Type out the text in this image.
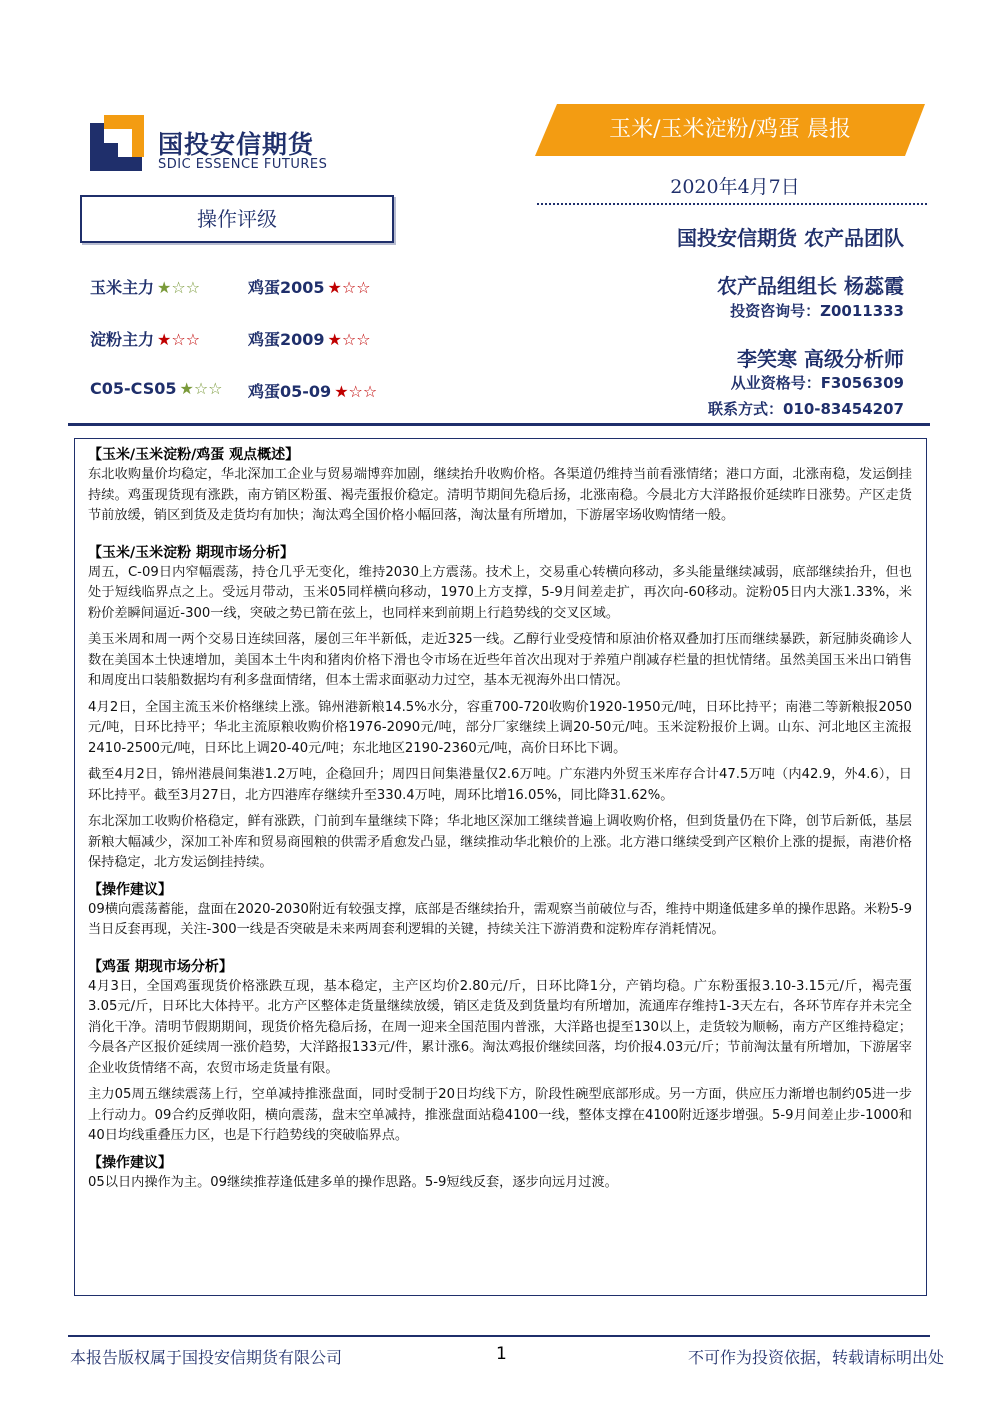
国投安信期货
SDIC ESSENCE FUTURES
玉米/玉米淀粉/鸡蛋 晨报
2020年4月7日
国投安信期货 农产品团队
农产品组组长 杨蕊霞
投资咨询号：Z0011333
李笑寒 高级分析师
从业资格号：F3056309
联系方式：010-83454207
操作评级
玉米主力 ★☆☆	鸡蛋2005 ★☆☆
淀粉主力 ★☆☆	鸡蛋2009 ★☆☆
C05-CS05 ★☆☆ 鸡蛋05-09 ★☆☆

【玉米/玉米淀粉/鸡蛋 观点概述】

东北收购量价均稳定，华北深加工企业与贸易端博弈加剧，继续抬升收购价格。各渠道仍维持当前看涨情绪；港口方面，北涨南稳，发运倒挂持续。鸡蛋现货现有涨跌，南方销区粉蛋、褐壳蛋报价稳定。清明节期间先稳后扬，北涨南稳。今晨北方大洋路报价延续昨日涨势。产区走货节前放缓，销区到货及走货均有加快；淘汰鸡全国价格小幅回落，淘汰量有所增加，下游屠宰场收购情绪一般。

【玉米/玉米淀粉 期现市场分析】

周五，C-09日内窄幅震荡，持仓几乎无变化，维持2030上方震荡。技术上，交易重心转横向移动，多头能量继续减弱，底部继续抬升，但也处于短线临界点之上。受远月带动，玉米05同样横向移动，1970上方支撑，5-9月间差走扩，再次向-60移动。淀粉05日内大涨1.33%，米粉价差瞬间逼近-300一线，突破之势已箭在弦上，也同样来到前期上行趋势线的交叉区域。

美玉米周和周一两个交易日连续回落，屡创三年半新低，走近325一线。乙醇行业受疫情和原油价格双叠加打压而继续暴跌，新冠肺炎确诊人数在美国本土快速增加，美国本土牛肉和猪肉价格下滑也令市场在近些年首次出现对于养殖户削减存栏量的担忧情绪。虽然美国玉米出口销售和周度出口装船数据均有利多盘面情绪，但本土需求面驱动力过空，基本无视海外出口情况。

4月2日，全国主流玉米价格继续上涨。锦州港新粮14.5%水分，容重700-720收购价1920-1950元/吨，日环比持平；南港二等新粮报2050元/吨，日环比持平；华北主流原粮收购价格1976-2090元/吨，部分厂家继续上调20-50元/吨。玉米淀粉报价上调。山东、河北地区主流报2410-2500元/吨，日环比上调20-40元/吨；东北地区2190-2360元/吨，高价日环比下调。

截至4月2日，锦州港晨间集港1.2万吨，企稳回升；周四日间集港量仅2.6万吨。广东港内外贸玉米库存合计47.5万吨（内42.9，外4.6），日环比持平。截至3月27日，北方四港库存继续升至330.4万吨，周环比增16.05%，同比降31.62%。

东北深加工收购价格稳定，鲜有涨跌，门前到车量继续下降；华北地区深加工继续普遍上调收购价格，但到货量仍在下降，创节后新低，基层新粮大幅减少，深加工补库和贸易商囤粮的供需矛盾愈发凸显，继续推动华北粮价的上涨。北方港口继续受到产区粮价上涨的提振，南港价格保持稳定，北方发运倒挂持续。

【操作建议】

09横向震荡蓄能，盘面在2020-2030附近有较强支撑，底部是否继续抬升，需观察当前破位与否，维持中期逢低建多单的操作思路。米粉5-9当日反套再现，关注-300一线是否突破是未来两周套利逻辑的关键，持续关注下游消费和淀粉库存消耗情况。

【鸡蛋 期现市场分析】

4月3日，全国鸡蛋现货价格涨跌互现，基本稳定，主产区均价2.80元/斤，日环比降1分，产销均稳。广东粉蛋报3.10-3.15元/斤，褐壳蛋3.05元/斤，日环比大体持平。北方产区整体走货量继续放缓，销区走货及到货量均有所增加，流通库存维持1-3天左右，各环节库存并未完全消化干净。清明节假期期间，现货价格先稳后扬，在周一迎来全国范围内普涨，大洋路也提至130以上，走货较为顺畅，南方产区维持稳定；今晨各产区报价延续周一涨价趋势，大洋路报133元/件，累计涨6。淘汰鸡报价继续回落，均价报4.03元/斤；节前淘汰量有所增加，下游屠宰企业收货情绪不高，农贸市场走货量有限。

主力05周五继续震荡上行，空单减持推涨盘面，同时受制于20日均线下方，阶段性碗型底部形成。另一方面，供应压力渐增也制约05进一步上行动力。09合约反弹收阳，横向震荡，盘末空单减持，推涨盘面站稳4100一线，整体支撑在4100附近逐步增强。5-9月间差止步-1000和40日均线重叠压力区，也是下行趋势线的突破临界点。

【操作建议】

05以日内操作为主。09继续推荐逢低建多单的操作思路。5-9短线反套，逐步向远月过渡。

本报告版权属于国投安信期货有限公司	1	不可作为投资依据，转载请标明出处
